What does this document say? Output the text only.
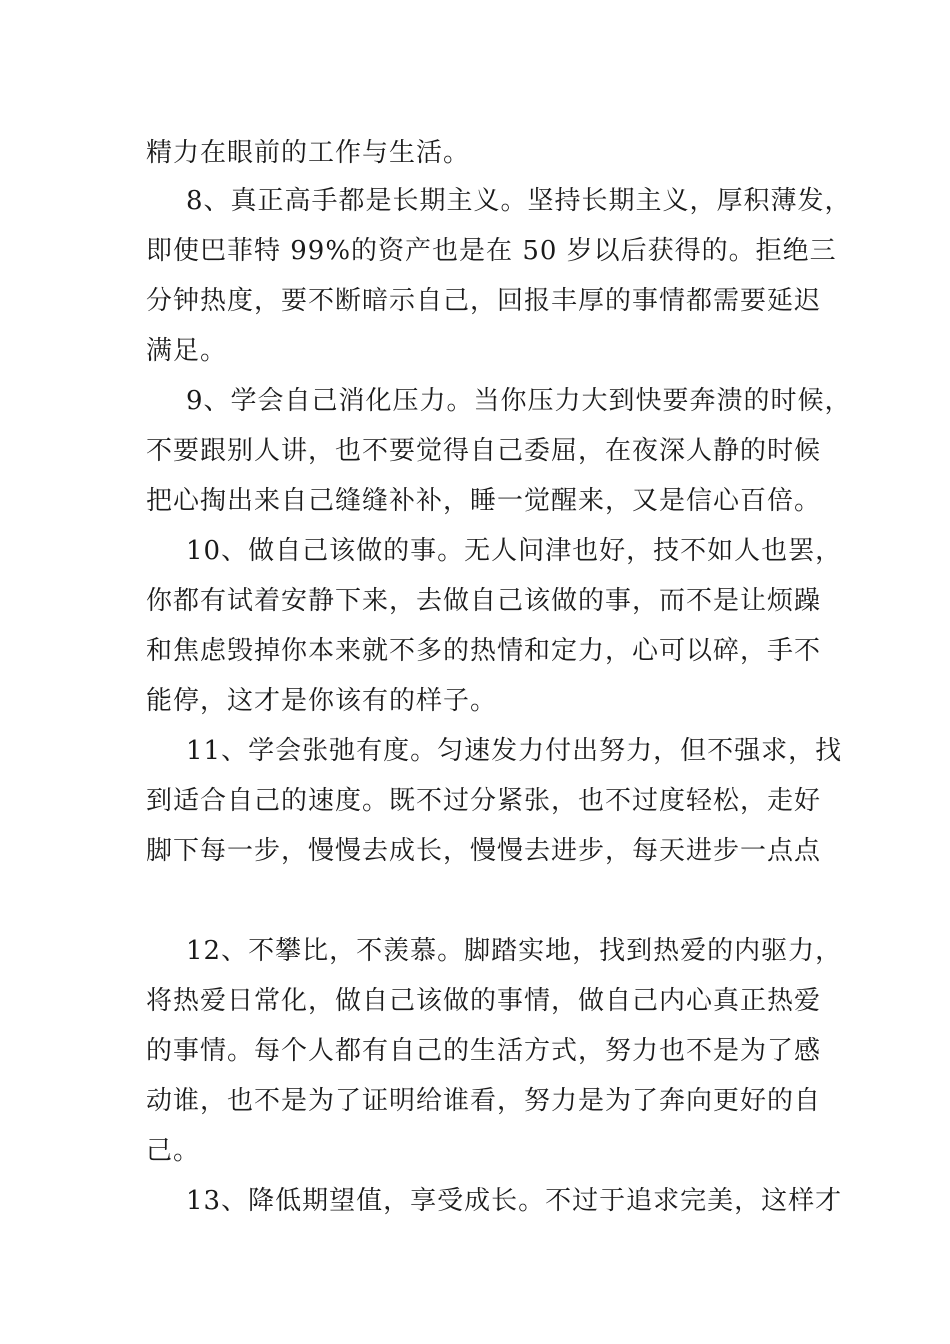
精力在眼前的工作与生活。
8、真正高手都是长期主义。坚持长期主义，厚积薄发，
即使巴菲特 99%的资产也是在 50 岁以后获得的。拒绝三
分钟热度，要不断暗示自己，回报丰厚的事情都需要延迟
满足。
9、学会自己消化压力。当你压力大到快要奔溃的时候，
不要跟别人讲，也不要觉得自己委屈，在夜深人静的时候
把心掏出来自己缝缝补补，睡一觉醒来，又是信心百倍。
10、做自己该做的事。无人问津也好，技不如人也罢，
你都有试着安静下来，去做自己该做的事，而不是让烦躁
和焦虑毁掉你本来就不多的热情和定力，心可以碎，手不
能停，这才是你该有的样子。
11、学会张弛有度。匀速发力付出努力，但不强求，找
到适合自己的速度。既不过分紧张，也不过度轻松，走好
脚下每一步，慢慢去成长，慢慢去进步，每天进步一点点
12、不攀比，不羡慕。脚踏实地，找到热爱的内驱力，
将热爱日常化，做自己该做的事情，做自己内心真正热爱
的事情。每个人都有自己的生活方式，努力也不是为了感
动谁，也不是为了证明给谁看，努力是为了奔向更好的自
己。
13、降低期望值，享受成长。不过于追求完美，这样才
